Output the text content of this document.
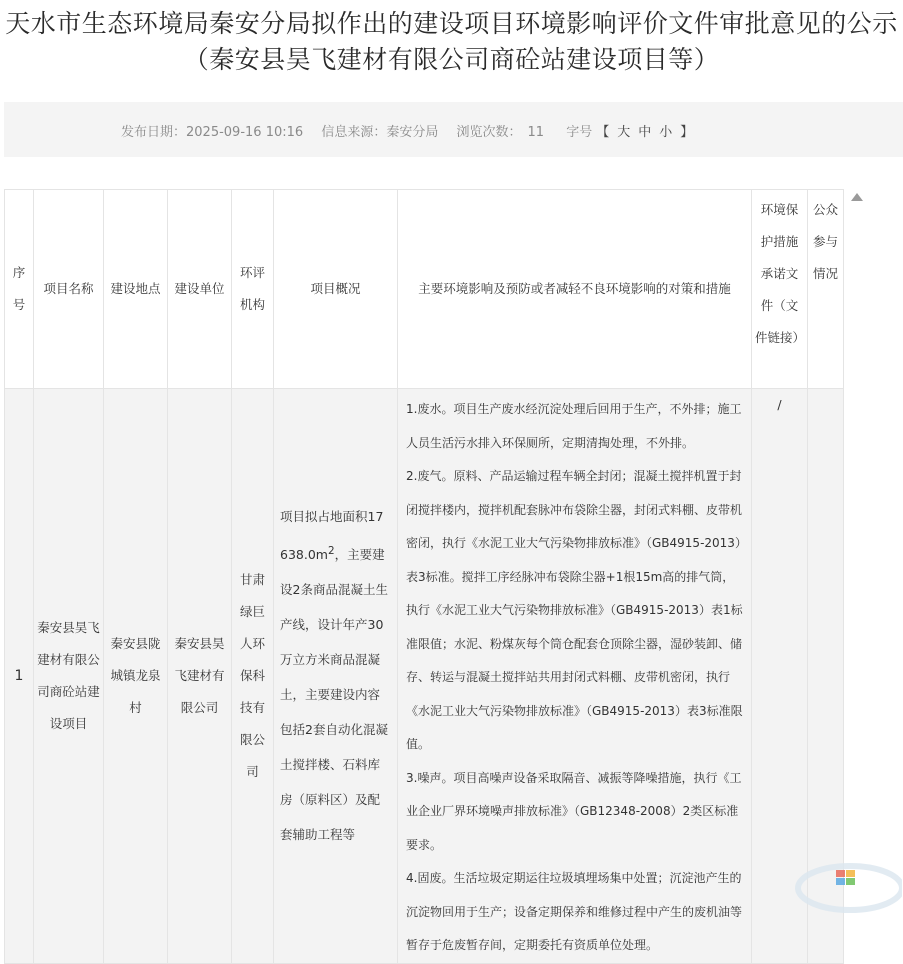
天水市生态环境局秦安分局拟作出的建设项目环境影响评价文件审批意见的公示
（秦安县昊飞建材有限公司商砼站建设项目等）
发布日期：2025-09-16 10:16 信息来源：秦安分局 浏览次数： 11 字号 【 大 中 小 】
序号	项目名称	建设地点	建设单位	环评机构	项目概况	主要环境影响及预防或者减轻不良环境影响的对策和措施	环境保护措施承诺文件（文件链接）	公众参与情况
1	秦安县昊飞建材有限公司商砼站建设项目	秦安县陇城镇龙泉村	秦安县昊飞建材有限公司	甘肃绿巨人环保科技有限公司	项目拟占地面积$17638.0m^2$，主要建设2条商品混凝土生产线，设计年产30万立方米商品混凝土，主要建设内容包括2套自动化混凝土搅拌楼、石料库房（原料区）及配套辅助工程等	1.废水。项目生产废水经沉淀处理后回用于生产，不外排；施工人员生活污水排入环保厕所，定期清掏处理，不外排。
2.废气。原料、产品运输过程车辆全封闭；混凝土搅拌机置于封闭搅拌楼内，搅拌机配套脉冲布袋除尘器，封闭式料棚、皮带机密闭，执行《水泥工业大气污染物排放标准》（GB4915-2013）表3标准。搅拌工序经脉冲布袋除尘器+1根15m高的排气筒，执行《水泥工业大气污染物排放标准》（GB4915-2013）表1标准限值；水泥、粉煤灰每个筒仓配套仓顶除尘器，湿砂装卸、储存、转运与混凝土搅拌站共用封闭式料棚、皮带机密闭，执行《水泥工业大气污染物排放标准》（GB4915-2013）表3标准限值。
3.噪声。项目高噪声设备采取隔音、减振等降噪措施，执行《工业企业厂界环境噪声排放标准》（GB12348-2008）2类区标准要求。
4.固废。生活垃圾定期运往垃圾填埋场集中处置；沉淀池产生的沉淀物回用于生产；设备定期保养和维修过程中产生的废机油等暂存于危废暂存间，定期委托有资质单位处理。	/	
